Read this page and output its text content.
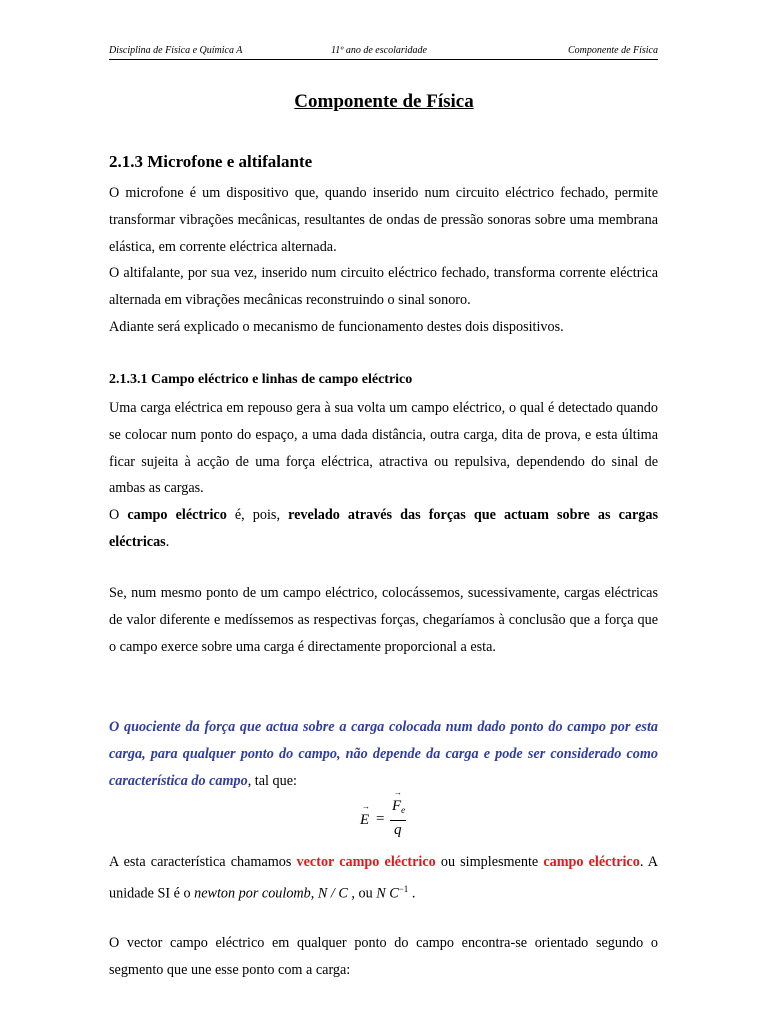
Disciplina de Física e Química A	11º ano de escolaridade	Componente de Física

Componente de Física
2.1.3 Microfone e altifalante

O microfone é um dispositivo que, quando inserido num circuito eléctrico fechado, permite transformar vibrações mecânicas, resultantes de ondas de pressão sonoras sobre uma membrana elástica, em corrente eléctrica alternada.

O altifalante, por sua vez, inserido num circuito eléctrico fechado, transforma corrente eléctrica alternada em vibrações mecânicas reconstruindo o sinal sonoro.

Adiante será explicado o mecanismo de funcionamento destes dois dispositivos.

2.1.3.1 Campo eléctrico e linhas de campo eléctrico

Uma carga eléctrica em repouso gera à sua volta um campo eléctrico, o qual é detectado quando se colocar num ponto do espaço, a uma dada distância, outra carga, dita de prova, e esta última ficar sujeita à acção de uma força eléctrica, atractiva ou repulsiva, dependendo do sinal de ambas as cargas.

O campo eléctrico é, pois, revelado através das forças que actuam sobre as cargas eléctricas.

Se, num mesmo ponto de um campo eléctrico, colocássemos, sucessivamente, cargas eléctricas de valor diferente e medíssemos as respectivas forças, chegaríamos à conclusão que a força que o campo exerce sobre uma carga é directamente proporcional a esta.

O quociente da força que actua sobre a carga colocada num dado ponto do campo por esta carga, para qualquer ponto do campo, não depende da carga e pode ser considerado como característica do campo, tal que:

→
E =
→
$F_e$
q

A esta característica chamamos vector campo eléctrico ou simplesmente campo eléctrico. A unidade SI é o newton por coulomb, N / C , ou N $C^{-1}$ .

O vector campo eléctrico em qualquer ponto do campo encontra-se orientado segundo o segmento que une esse ponto com a carga:
